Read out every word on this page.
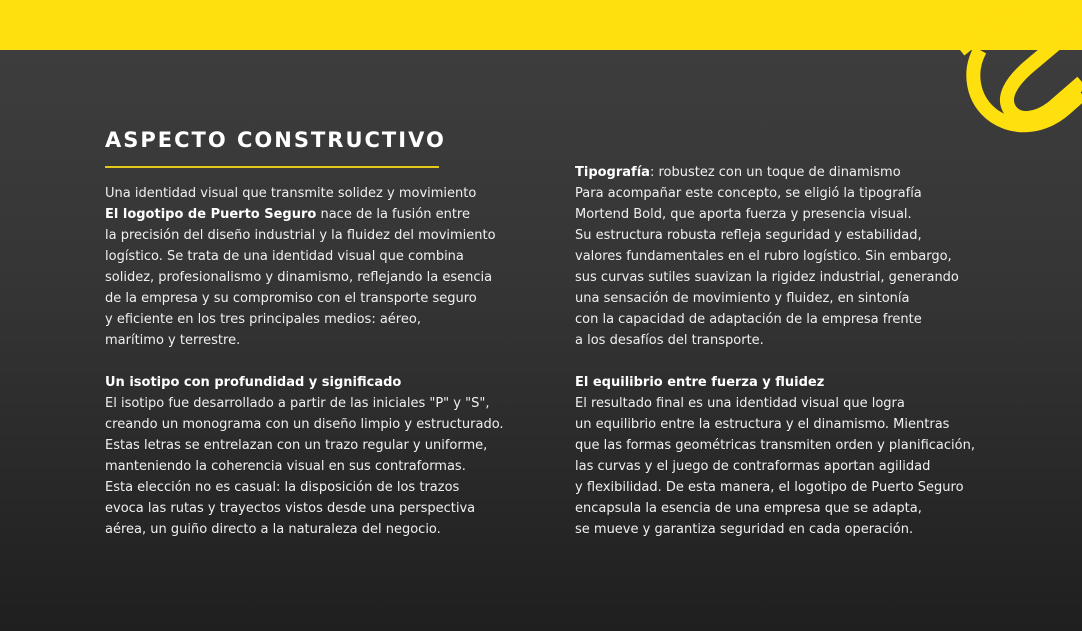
ASPECTO CONSTRUCTIVO
Una identidad visual que transmite solidez y movimiento
El logotipo de Puerto Seguro nace de la fusión entre
la precisión del diseño industrial y la fluidez del movimiento
logístico. Se trata de una identidad visual que combina
solidez, profesionalismo y dinamismo, reflejando la esencia
de la empresa y su compromiso con el transporte seguro
y eficiente en los tres principales medios: aéreo,
marítimo y terrestre.
Un isotipo con profundidad y significado
El isotipo fue desarrollado a partir de las iniciales "P" y "S",
creando un monograma con un diseño limpio y estructurado.
Estas letras se entrelazan con un trazo regular y uniforme,
manteniendo la coherencia visual en sus contraformas.
Esta elección no es casual: la disposición de los trazos
evoca las rutas y trayectos vistos desde una perspectiva
aérea, un guiño directo a la naturaleza del negocio.
Tipografía: robustez con un toque de dinamismo
Para acompañar este concepto, se eligió la tipografía
Mortend Bold, que aporta fuerza y presencia visual.
Su estructura robusta refleja seguridad y estabilidad,
valores fundamentales en el rubro logístico. Sin embargo,
sus curvas sutiles suavizan la rigidez industrial, generando
una sensación de movimiento y fluidez, en sintonía
con la capacidad de adaptación de la empresa frente
a los desafíos del transporte.
El equilibrio entre fuerza y fluidez
El resultado final es una identidad visual que logra
un equilibrio entre la estructura y el dinamismo. Mientras
que las formas geométricas transmiten orden y planificación,
las curvas y el juego de contraformas aportan agilidad
y flexibilidad. De esta manera, el logotipo de Puerto Seguro
encapsula la esencia de una empresa que se adapta,
se mueve y garantiza seguridad en cada operación.
